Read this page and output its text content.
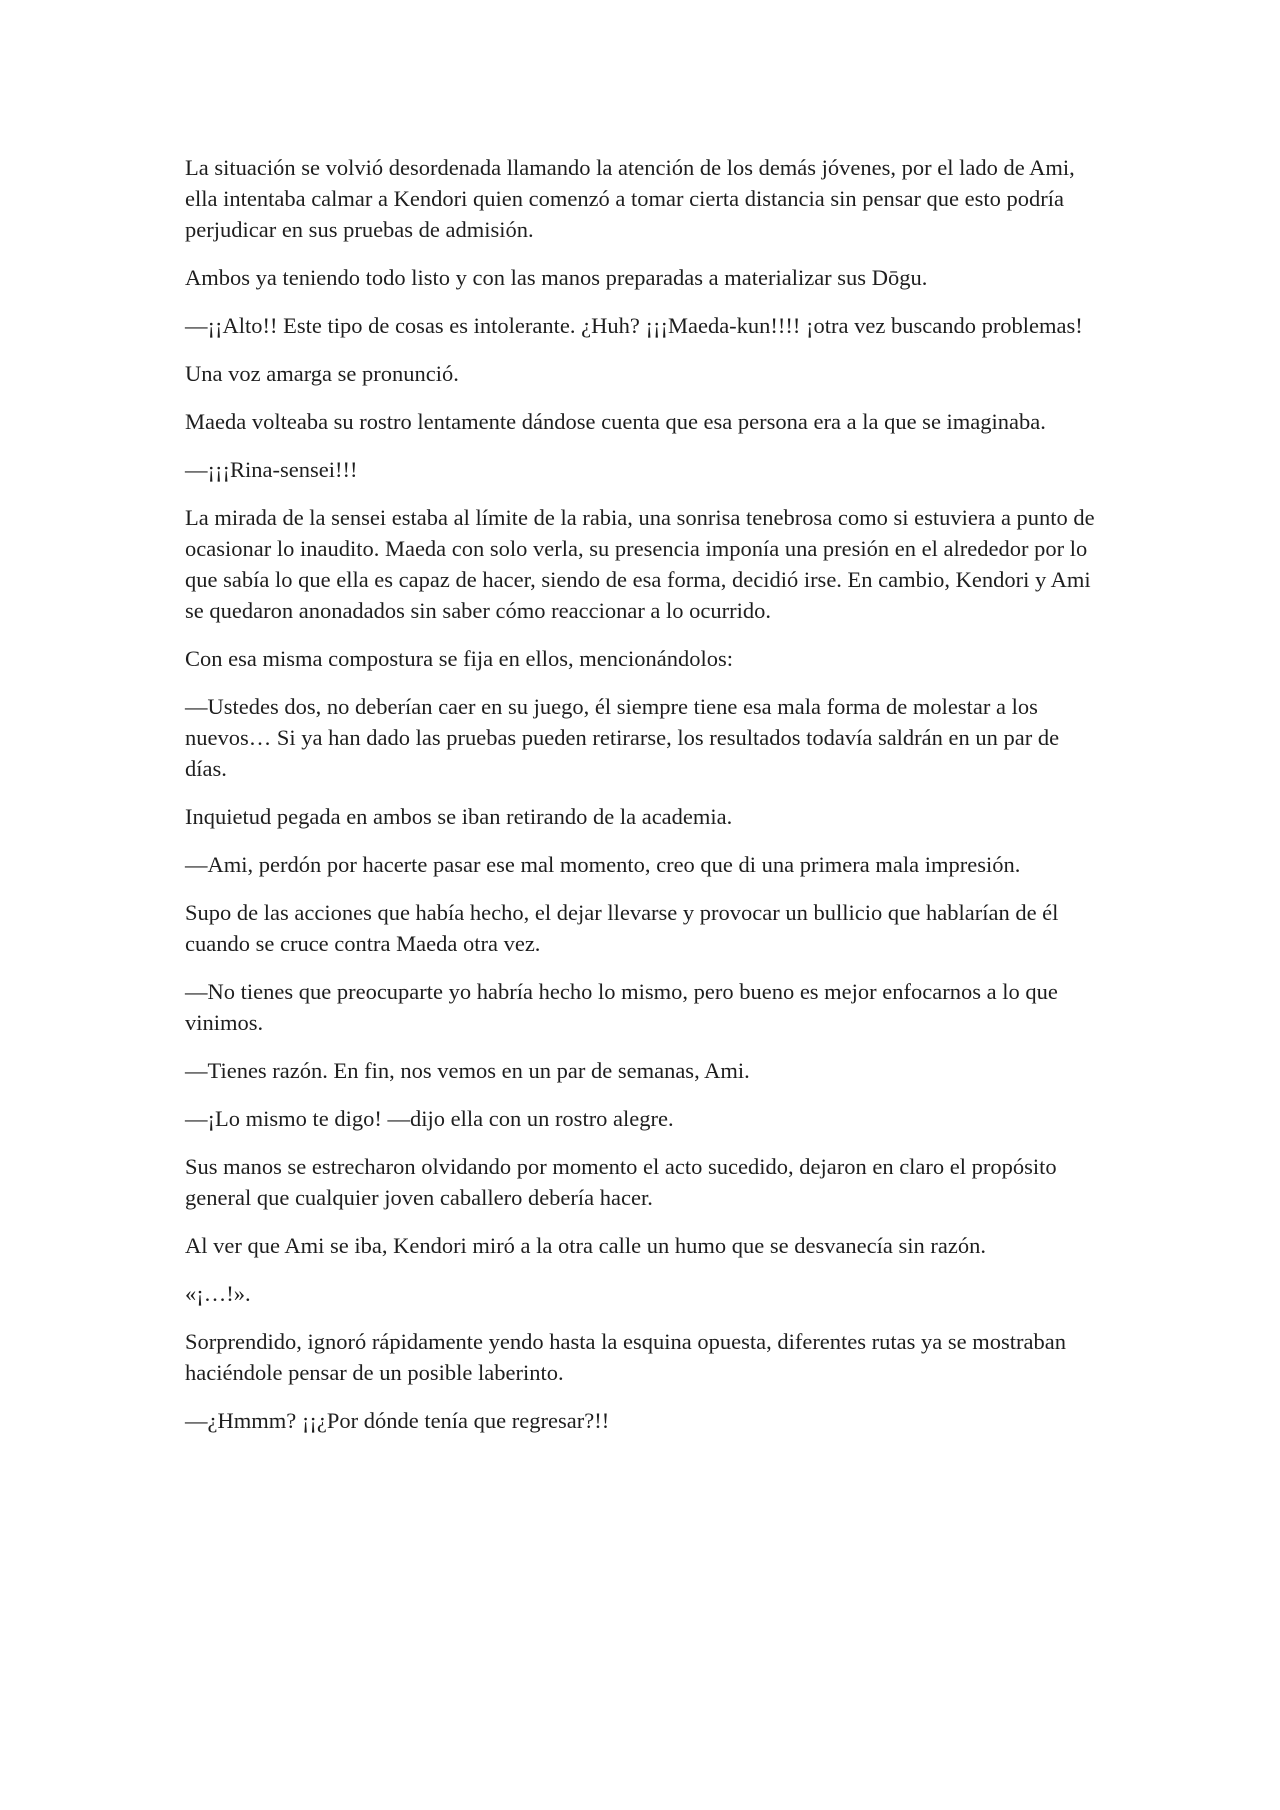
La situación se volvió desordenada llamando la atención de los demás jóvenes, por el lado de Ami, ella intentaba calmar a Kendori quien comenzó a tomar cierta distancia sin pensar que esto podría perjudicar en sus pruebas de admisión.

Ambos ya teniendo todo listo y con las manos preparadas a materializar sus Dōgu.

—¡¡Alto!! Este tipo de cosas es intolerante. ¿Huh? ¡¡¡Maeda-kun!!!! ¡otra vez buscando problemas!

Una voz amarga se pronunció.

Maeda volteaba su rostro lentamente dándose cuenta que esa persona era a la que se imaginaba.

—¡¡¡Rina-sensei!!!

La mirada de la sensei estaba al límite de la rabia, una sonrisa tenebrosa como si estuviera a punto de ocasionar lo inaudito. Maeda con solo verla, su presencia imponía una presión en el alrededor por lo que sabía lo que ella es capaz de hacer, siendo de esa forma, decidió irse. En cambio, Kendori y Ami se quedaron anonadados sin saber cómo reaccionar a lo ocurrido.

Con esa misma compostura se fija en ellos, mencionándolos:

—Ustedes dos, no deberían caer en su juego, él siempre tiene esa mala forma de molestar a los nuevos… Si ya han dado las pruebas pueden retirarse, los resultados todavía saldrán en un par de días.

Inquietud pegada en ambos se iban retirando de la academia.

—Ami, perdón por hacerte pasar ese mal momento, creo que di una primera mala impresión.

Supo de las acciones que había hecho, el dejar llevarse y provocar un bullicio que hablarían de él cuando se cruce contra Maeda otra vez.

—No tienes que preocuparte yo habría hecho lo mismo, pero bueno es mejor enfocarnos a lo que vinimos.

—Tienes razón. En fin, nos vemos en un par de semanas, Ami.

—¡Lo mismo te digo! —dijo ella con un rostro alegre.

Sus manos se estrecharon olvidando por momento el acto sucedido, dejaron en claro el propósito general que cualquier joven caballero debería hacer.

Al ver que Ami se iba, Kendori miró a la otra calle un humo que se desvanecía sin razón.

«¡…!».

Sorprendido, ignoró rápidamente yendo hasta la esquina opuesta, diferentes rutas ya se mostraban haciéndole pensar de un posible laberinto.

—¿Hmmm? ¡¡¿Por dónde tenía que regresar?!!
